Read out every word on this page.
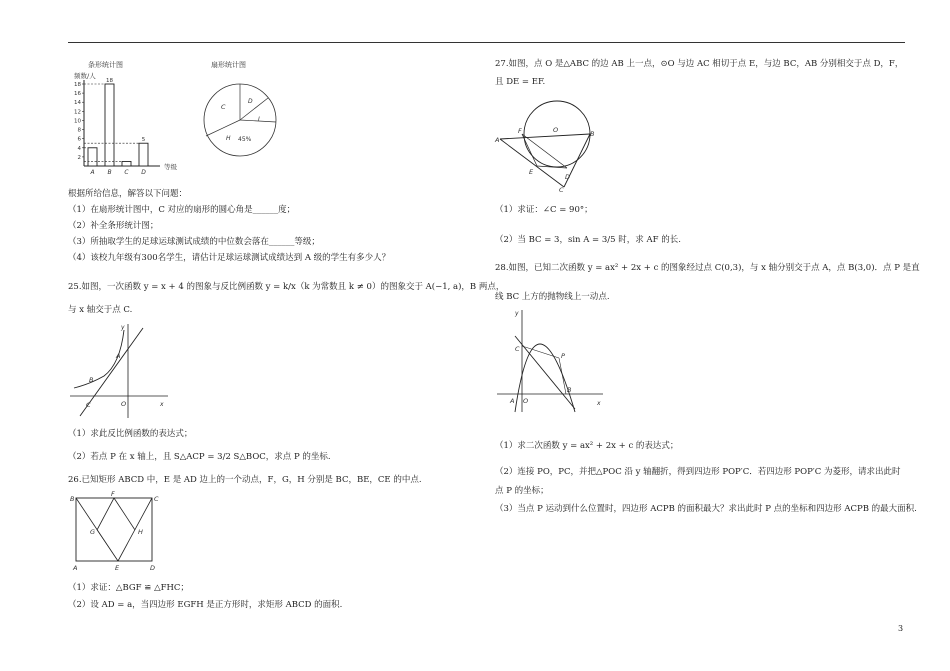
条形统计图
频数/人
等级
2
4
6
8
10
12
14
16
18
18
5
A B C D
扇形统计图
C
D
I
H 45%
根据所给信息，解答以下问题：
（1）在扇形统计图中，C 对应的扇形的圆心角是______度；
（2）补全条形统计图；
（3）所抽取学生的足球运球测试成绩的中位数会落在______等级；
（4）该校九年级有300名学生，请估计足球运球测试成绩达到 A 级的学生有多少人？
25.如图，一次函数 y = x + 4 的图象与反比例函数 y = k/x（k 为常数且 k ≠ 0）的图象交于 A(−1, a)，B 两点，
与 x 轴交于点 C.
x
y
A
B
C	O
（1）求此反比例函数的表达式；
（2）若点 P 在 x 轴上，且 S△ACP = 3/2 S△BOC，求点 P 的坐标.
26.已知矩形 ABCD 中，E 是 AD 边上的一个动点，F，G，H 分别是 BC，BE，CE 的中点.
B	C
F
G	H
A	E	D
（1）求证：△BGF ≌ △FHC；
（2）设 AD = a，当四边形 EGFH 是正方形时，求矩形 ABCD 的面积.
27.如图，点 O 是△ABC 的边 AB 上一点，⊙O 与边 AC 相切于点 E，与边 BC，AB 分别相交于点 D，F，
且 DE = EF.
A
F	O	B
E
D
C
（1）求证：∠C = 90°；
（2）当 BC = 3，sin A = 3/5 时，求 AF 的长.
28.如图，已知二次函数 y = ax² + 2x + c 的图象经过点 C(0,3)，与 x 轴分别交于点 A，点 B(3,0)．点 P 是直
线 BC 上方的抛物线上一动点.
x
y
C
P
B
A O
（1）求二次函数 y = ax² + 2x + c 的表达式；
（2）连接 PO，PC，并把△POC 沿 y 轴翻折，得到四边形 POP′C．若四边形 POP′C 为菱形，请求出此时
点 P 的坐标；
（3）当点 P 运动到什么位置时，四边形 ACPB 的面积最大？求出此时 P 点的坐标和四边形 ACPB 的最大面积.
3
